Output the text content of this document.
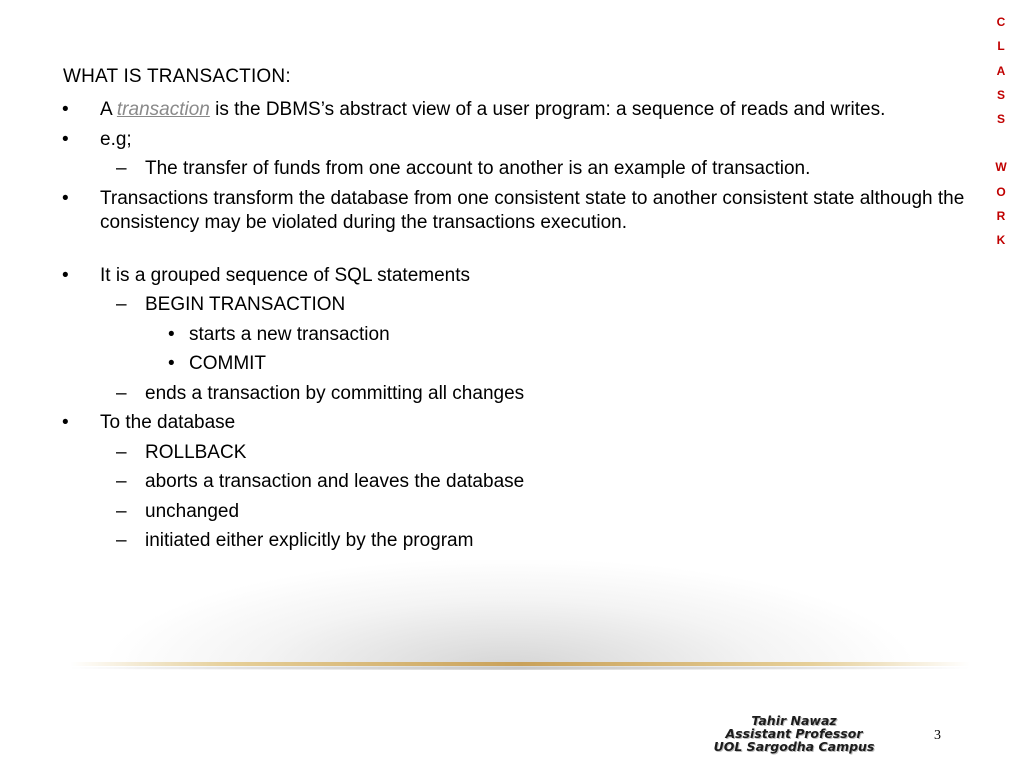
C
L
A
S
S
W
O
R
K
WHAT IS TRANSACTION:
• A transaction is the DBMS’s abstract view of a user program: a sequence of reads and writes.
• e.g;
– The transfer of funds from one account to another is an example of transaction.
• Transactions transform the database from one consistent state to another consistent state although the consistency may be violated during the transactions execution.
• It is a grouped sequence of SQL statements
– BEGIN TRANSACTION
• starts a new transaction
• COMMIT
– ends a transaction by committing all changes
• To the database
– ROLLBACK
– aborts a transaction and leaves the database
– unchanged
– initiated either explicitly by the program
Tahir Nawaz
Assistant Professor
UOL Sargodha Campus
3
